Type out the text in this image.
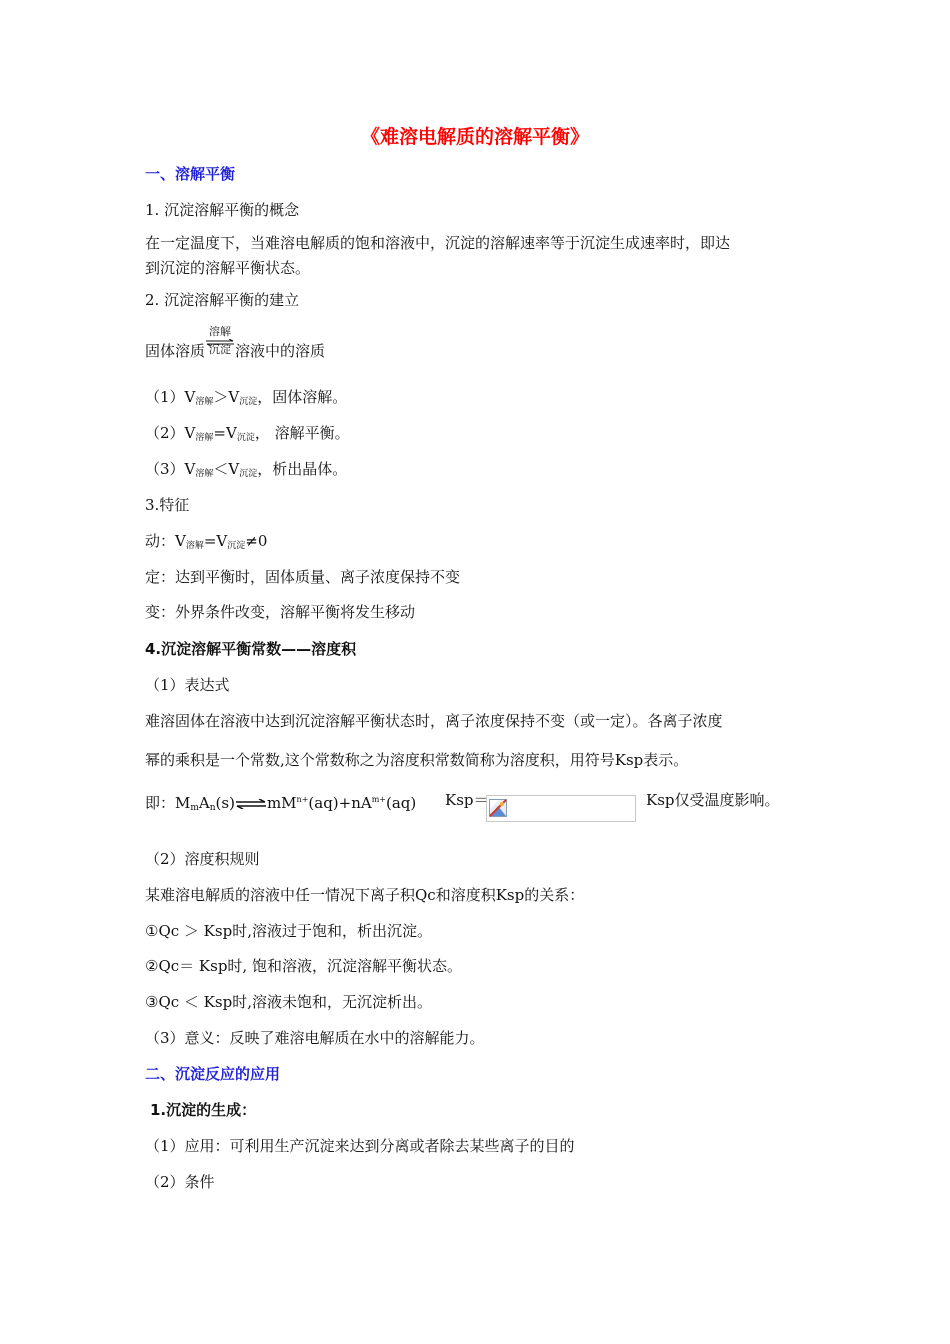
《难溶电解质的溶解平衡》
一、溶解平衡
1. 沉淀溶解平衡的概念
在一定温度下，当难溶电解质的饱和溶液中，沉淀的溶解速率等于沉淀生成速率时，即达
到沉淀的溶解平衡状态。
2. 沉淀溶解平衡的建立
固体溶质
溶解
沉淀 溶液中的溶质
$(1)V_{溶解}>V_{沉淀}$，固体溶解。
$(2)V_{溶解}=V_{沉淀}$， 溶解平衡。
$(3)V_{溶解}<V_{沉淀}$，析出晶体。
3.特征
动：$V_{溶解}=V_{沉淀}\ne 0$
定：达到平衡时，固体质量、离子浓度保持不变
变：外界条件改变，溶解平衡将发生移动
4.沉淀溶解平衡常数——溶度积
（1）表达式
难溶固体在溶液中达到沉淀溶解平衡状态时，离子浓度保持不变（或一定）。各离子浓度
幂的乘积是一个常数,这个常数称之为溶度积常数简称为溶度积，用符号Ksp表示。
即：$M_mA_n(s)\rightleftharpoons mM^{n+}(aq)+nA^{m+}(aq)$ Ksp＝	Ksp仅受温度影响。
（2）溶度积规则
某难溶电解质的溶液中任一情况下离子积Qc和溶度积Ksp的关系：
①Qc ＞ Ksp时,溶液过于饱和，析出沉淀。
②Qc＝ Ksp时, 饱和溶液，沉淀溶解平衡状态。
③Qc ＜ Ksp时,溶液未饱和，无沉淀析出。
（3）意义：反映了难溶电解质在水中的溶解能力。
二、沉淀反应的应用
1.沉淀的生成：
（1）应用：可利用生产沉淀来达到分离或者除去某些离子的目的
（2）条件
